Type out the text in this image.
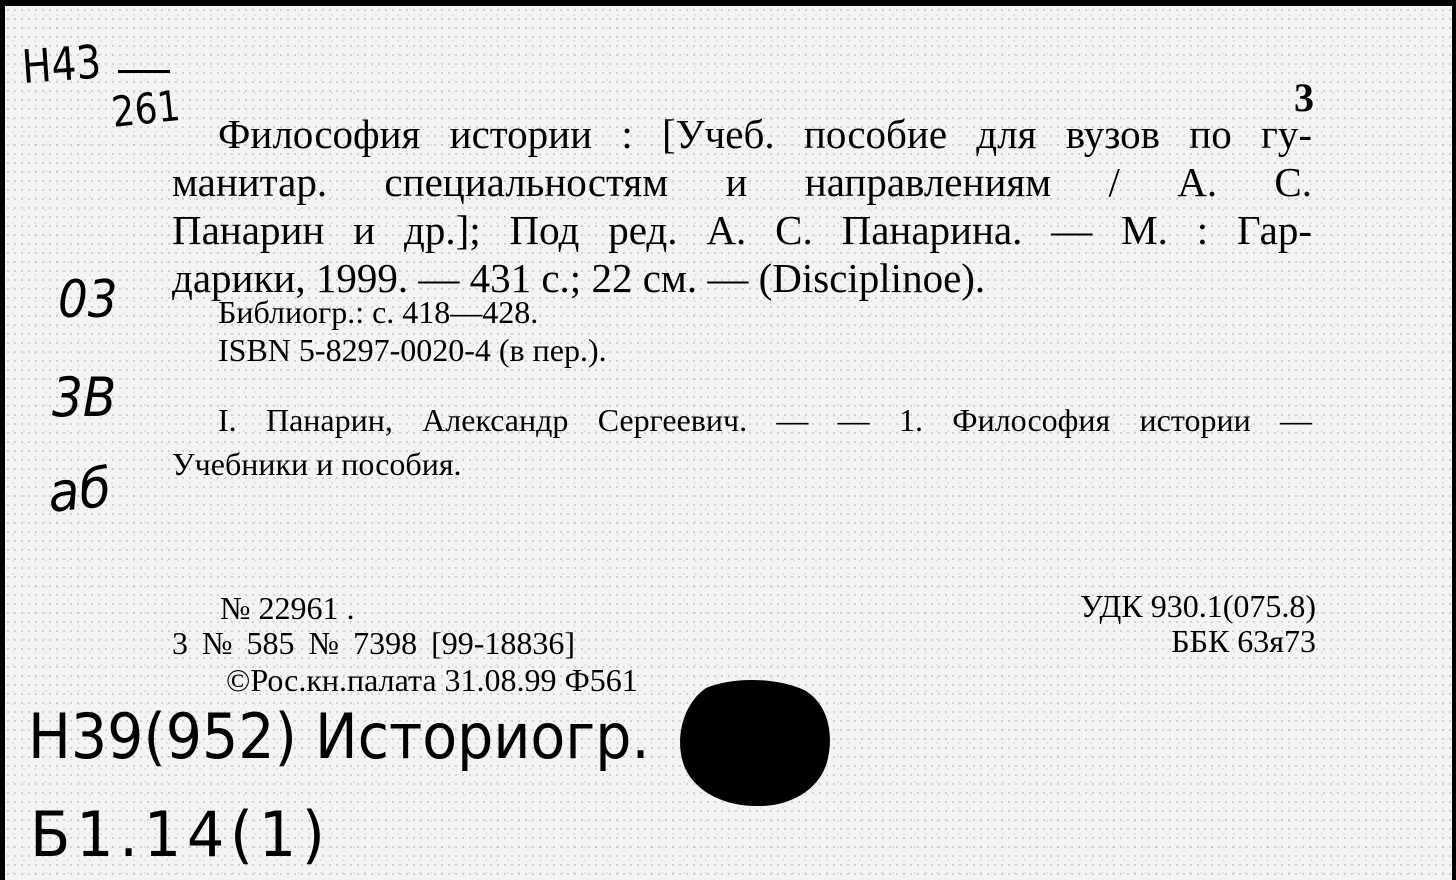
Н43
261
03
3В
аб
Н39(952) Историогр.
Б1.14(1)
3
Философия истории : [Учеб. пособие для вузов по гу-
манитар. специальностям и направлениям / А. С.
Панарин и др.]; Под ред. А. С. Панарина. — М. : Гар-
дарики, 1999. — 431 с.; 22 см. — (Disciplinoe).
Библиогр.: с. 418—428.
ISBN 5-8297-0020-4 (в пер.).
I. Панарин, Александр Сергеевич. — — 1. Философия истории —
Учебники и пособия.
№ 22961 .
3 № 585 № 7398 [99-18836]
©Рос.кн.палата 31.08.99 Ф561
УДК 930.1(075.8)
ББК 63я73
